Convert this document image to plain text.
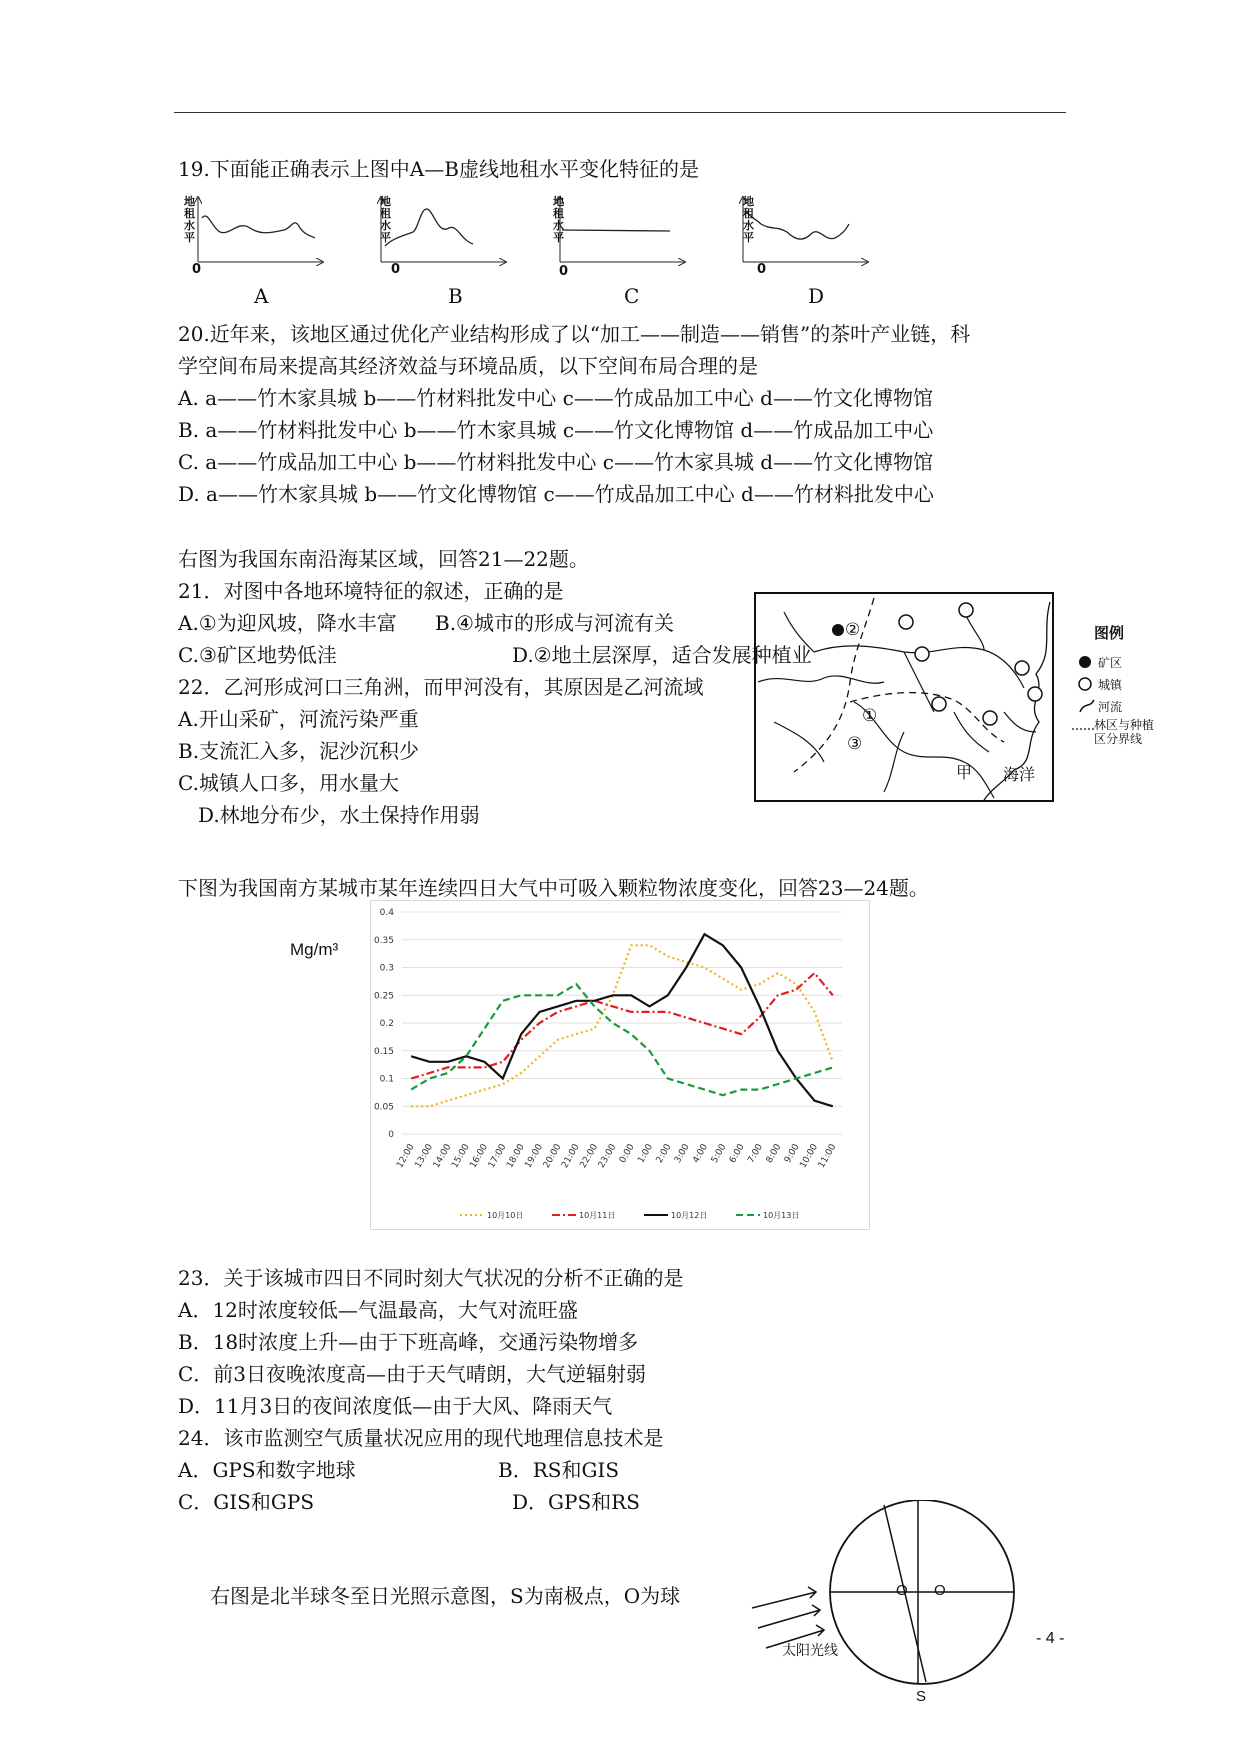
19.下面能正确表示上图中A—B虚线地租水平变化特征的是
地租水平
地租水平
地租水平
地租水平
0	0	0	0
A	B	C	D
20.近年来，该地区通过优化产业结构形成了以“加工——制造——销售”的茶叶产业链，科
学空间布局来提高其经济效益与环境品质，以下空间布局合理的是
A. a——竹木家具城 b——竹材料批发中心 c——竹成品加工中心 d——竹文化博物馆
B. a——竹材料批发中心 b——竹木家具城 c——竹文化博物馆 d——竹成品加工中心
C. a——竹成品加工中心 b——竹材料批发中心 c——竹木家具城 d——竹文化博物馆
D. a——竹木家具城 b——竹文化博物馆 c——竹成品加工中心 d——竹材料批发中心
右图为我国东南沿海某区域，回答21—22题。
21．对图中各地环境特征的叙述，正确的是
A.①为迎风坡，降水丰富 B.④城市的形成与河流有关
C.③矿区地势低洼	D.②地土层深厚，适合发展种植业
22．乙河形成河口三角洲，而甲河没有，其原因是乙河流域
A.开山采矿，河流污染严重
B.支流汇入多，泥沙沉积少
C.城镇人口多，用水量大
D.林地分布少，水土保持作用弱
②
①
③
甲 海洋
图例
矿区
城镇
河流
林区与种植区分界线
下图为我国南方某城市某年连续四日大气中可吸入颗粒物浓度变化，回答23—24题。
Mg/m³
0
0.05
0.1
0.15
0.2
0.25
0.3
0.35
0.4
12:00
13:00
14:00
15:00
16:00
17:00
18:00
19:00
20:00
21:00
22:00
23:00 0:00 1:00 2:00 3:00 4:00 5:00 6:00 7:00 8:00 9:00
10:00
11:00
10月10日	10月11日	10月12日	10月13日
23．关于该城市四日不同时刻大气状况的分析不正确的是
A．12时浓度较低—气温最高，大气对流旺盛
B．18时浓度上升—由于下班高峰，交通污染物增多
C．前3日夜晚浓度高—由于天气晴朗，大气逆辐射弱
D．11月3日的夜间浓度低—由于大风、降雨天气
24．该市监测空气质量状况应用的现代地理信息技术是
A．GPS和数字地球	B．RS和GIS
C．GIS和GPS	D．GPS和RS
右图是北半球冬至日光照示意图，S为南极点，O为球	O O
S
太阳光线
- 4 -
